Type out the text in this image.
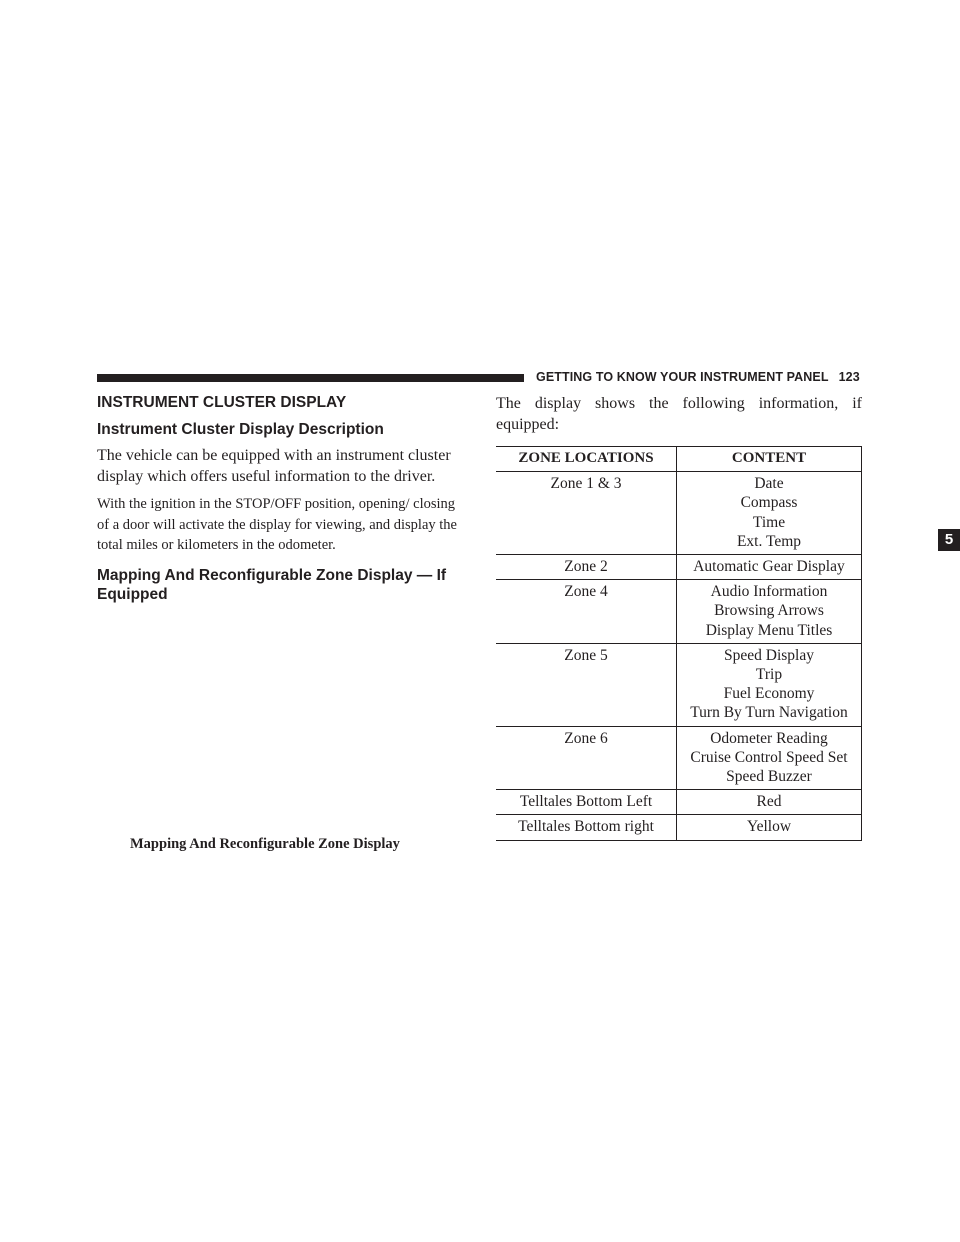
GETTING TO KNOW YOUR INSTRUMENT PANEL 123
5
INSTRUMENT CLUSTER DISPLAY
Instrument Cluster Display Description

The vehicle can be equipped with an instrument cluster display which offers useful information to the driver.

With the ignition in the STOP/OFF position, opening/ closing of a door will activate the display for viewing, and display the total miles or kilometers in the odometer.

Mapping And Reconfigurable Zone Display — If Equipped
Mapping And Reconfigurable Zone Display

The display shows the following information, if equipped:

ZONE LOCATIONS	CONTENT
Zone 1 & 3	Date
Compass
Time
Ext. Temp

Zone 2	Automatic Gear Display

Zone 4	Audio Information
Browsing Arrows
Display Menu Titles

Zone 5	Speed Display
Trip
Fuel Economy
Turn By Turn Navigation

Zone 6	Odometer Reading
Cruise Control Speed Set
Speed Buzzer

Telltales Bottom Left	Red

Telltales Bottom right	Yellow
